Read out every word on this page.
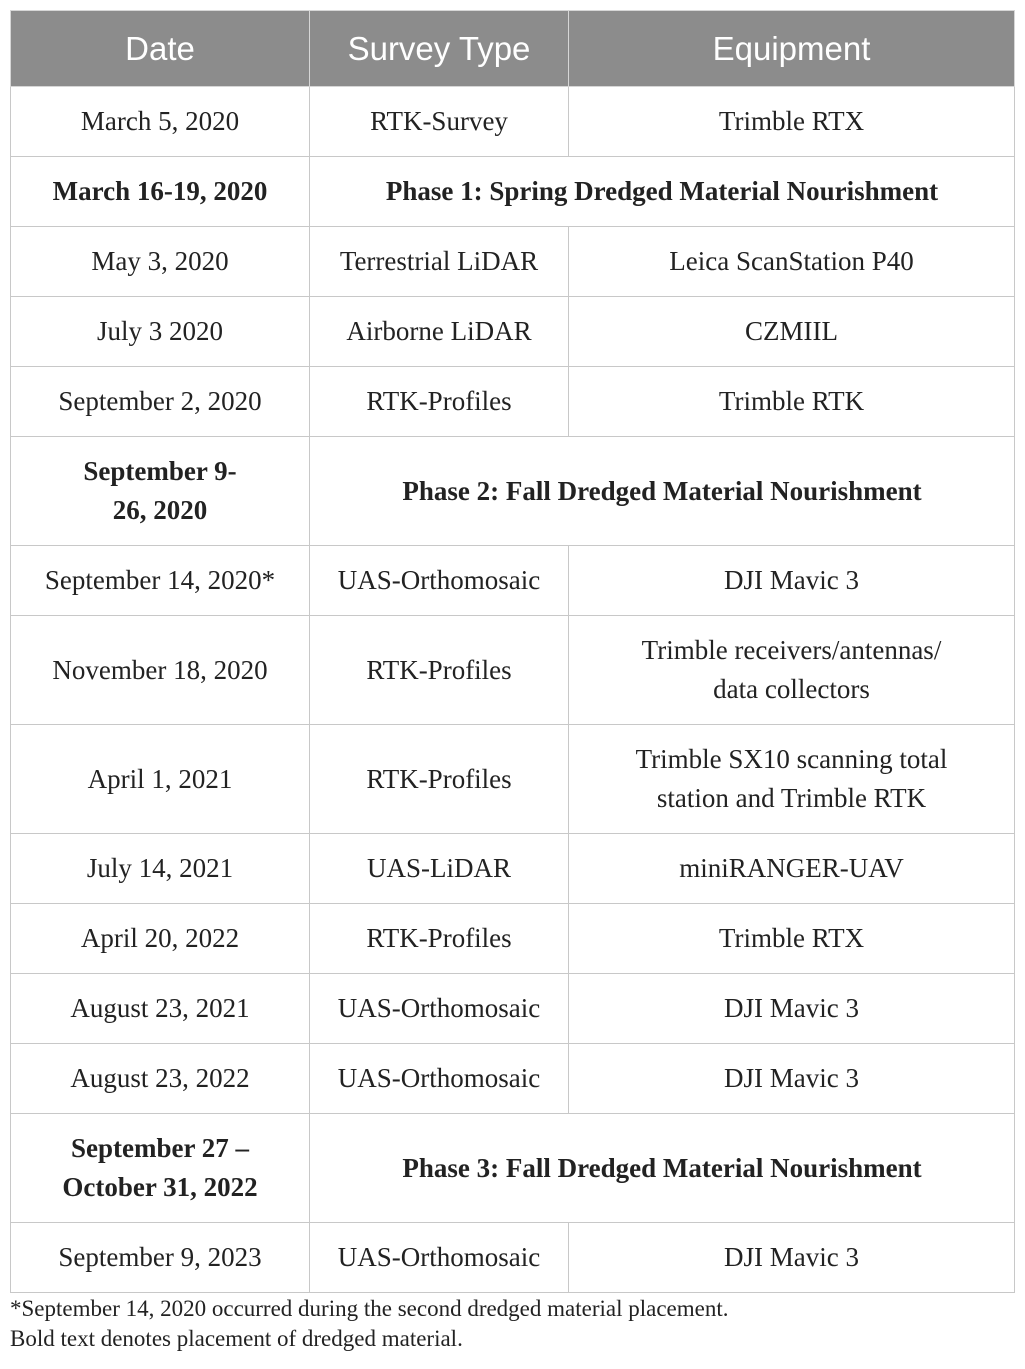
Date	Survey Type	Equipment
March 5, 2020	RTK-Survey	Trimble RTX
March 16-19, 2020	Phase 1: Spring Dredged Material Nourishment	
May 3, 2020	Terrestrial LiDAR	Leica ScanStation P40
July 3 2020	Airborne LiDAR	CZMIIL
September 2, 2020	RTK-Profiles	Trimble RTK
September 9-
26, 2020	Phase 2: Fall Dredged Material Nourishment	
September 14, 2020*	UAS-Orthomosaic	DJI Mavic 3
November 18, 2020	RTK-Profiles	Trimble receivers/antennas/
data collectors
April 1, 2021	RTK-Profiles	Trimble SX10 scanning total
station and Trimble RTK
July 14, 2021	UAS-LiDAR	miniRANGER-UAV
April 20, 2022	RTK-Profiles	Trimble RTX
August 23, 2021	UAS-Orthomosaic	DJI Mavic 3
August 23, 2022	UAS-Orthomosaic	DJI Mavic 3
September 27 –
October 31, 2022	Phase 3: Fall Dredged Material Nourishment	
September 9, 2023	UAS-Orthomosaic	DJI Mavic 3
*September 14, 2020 occurred during the second dredged material placement.
Bold text denotes placement of dredged material.
